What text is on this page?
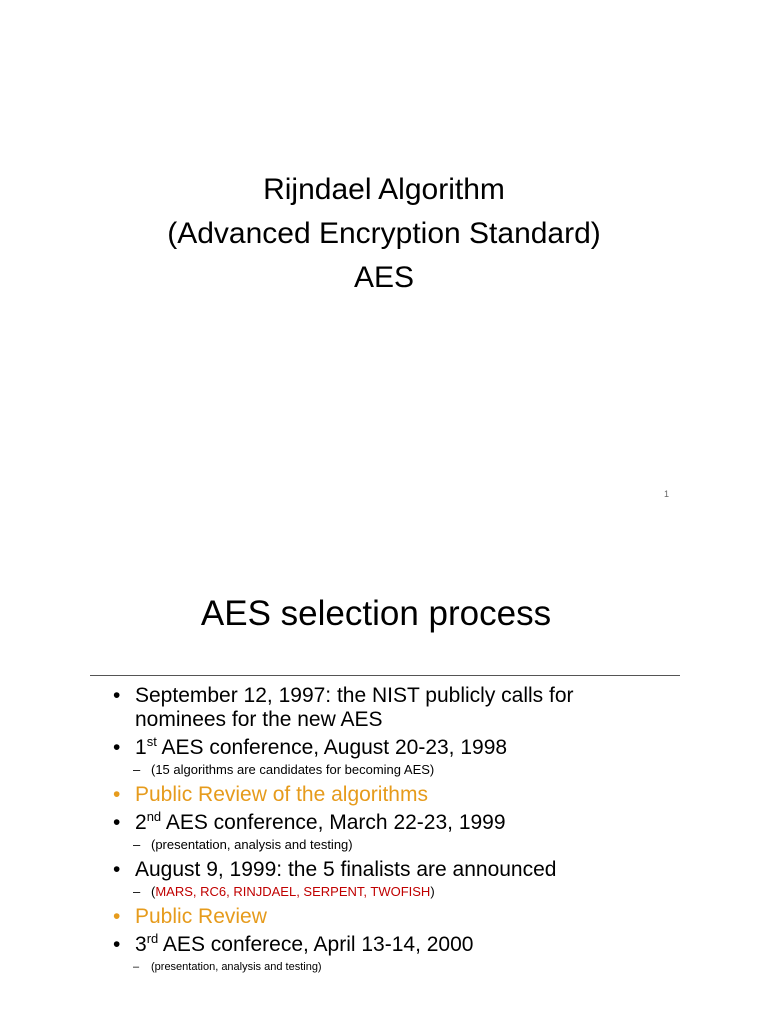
Rijndael Algorithm
(Advanced Encryption Standard)
AES
1
AES selection process
• September 12, 1997: the NIST publicly calls for
nominees for the new AES
• 1st AES conference, August 20-23, 1998
– (15 algorithms are candidates for becoming AES)
• Public Review of the algorithms
• 2nd AES conference, March 22-23, 1999
– (presentation, analysis and testing)
• August 9, 1999: the 5 finalists are announced
– (MARS, RC6, RINJDAEL, SERPENT, TWOFISH)
• Public Review
• 3rd AES conferece, April 13-14, 2000
– (presentation, analysis and testing)
